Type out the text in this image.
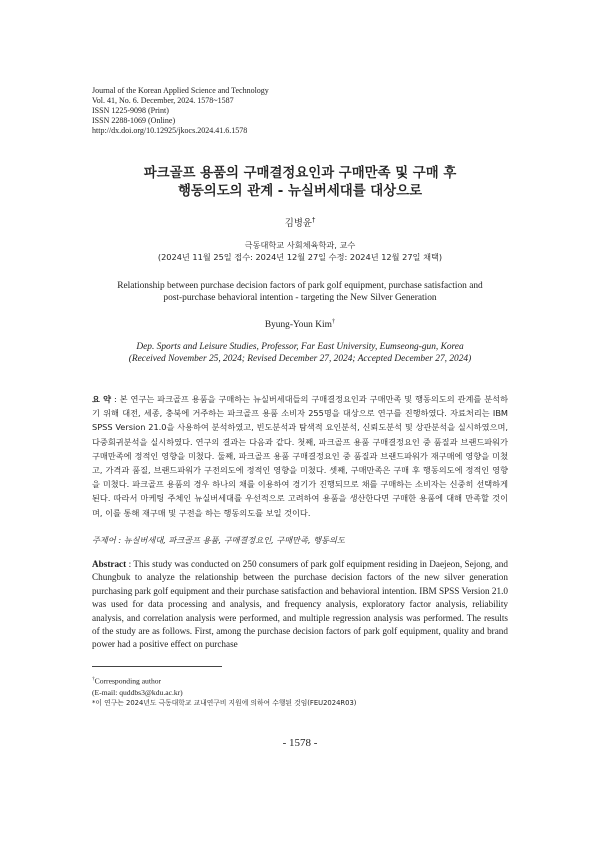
Journal of the Korean Applied Science and Technology
Vol. 41, No. 6. December, 2024. 1578~1587
ISSN 1225-9098 (Print)
ISSN 2288-1069 (Online)
http://dx.doi.org/10.12925/jkocs.2024.41.6.1578
파크골프 용품의 구매결정요인과 구매만족 및 구매 후
행동의도의 관계 - 뉴실버세대를 대상으로
김병윤†
극동대학교 사회체육학과, 교수
(2024년 11월 25일 접수: 2024년 12월 27일 수정: 2024년 12월 27일 채택)
Relationship between purchase decision factors of park golf equipment, purchase satisfaction and
post-purchase behavioral intention - targeting the New Silver Generation
Byung-Youn Kim†
Dep. Sports and Leisure Studies, Professor, Far East University, Eumseong-gun, Korea
(Received November 25, 2024; Revised December 27, 2024; Accepted December 27, 2024)
요 약 : 본 연구는 파크골프 용품을 구매하는 뉴실버세대들의 구매결정요인과 구매만족 및 행동의도의 관계를 분석하기 위해 대전, 세종, 충북에 거주하는 파크골프 용품 소비자 255명을 대상으로 연구를 진행하였다. 자료처리는 IBM SPSS Version 21.0을 사용하여 분석하였고, 빈도분석과 탐색적 요인분석, 신뢰도분석 및 상관분석을 실시하였으며, 다중회귀분석을 실시하였다. 연구의 결과는 다음과 같다. 첫째, 파크골프 용품 구매결정요인 중 품질과 브랜드파워가 구매만족에 정적인 영향을 미쳤다. 둘째, 파크골프 용품 구매결정요인 중 품질과 브랜드파워가 재구매에 영향을 미쳤고, 가격과 품질, 브랜드파워가 구전의도에 정적인 영향을 미쳤다. 셋째, 구매만족은 구매 후 행동의도에 정적인 영향을 미쳤다. 파크골프 용품의 경우 하나의 채를 이용하여 경기가 진행되므로 채를 구매하는 소비자는 신중히 선택하게 된다. 따라서 마케팅 주체인 뉴실버세대를 우선적으로 고려하여 용품을 생산한다면 구매한 용품에 대해 만족할 것이며, 이를 통해 재구매 및 구전을 하는 행동의도를 보일 것이다.
주제어 : 뉴실버세대, 파크골프 용품, 구매결정요인, 구매만족, 행동의도
Abstract : This study was conducted on 250 consumers of park golf equipment residing in Daejeon, Sejong, and Chungbuk to analyze the relationship between the purchase decision factors of the new silver generation purchasing park golf equipment and their purchase satisfaction and behavioral intention. IBM SPSS Version 21.0 was used for data processing and analysis, and frequency analysis, exploratory factor analysis, reliability analysis, and correlation analysis were performed, and multiple regression analysis was performed. The results of the study are as follows. First, among the purchase decision factors of park golf equipment, quality and brand power had a positive effect on purchase
†Corresponding author
(E-mail: quddbs3@kdu.ac.kr)
*이 연구는 2024년도 극동대학교 교내연구비 지원에 의하여 수행된 것임(FEU2024R03)
- 1578 -
